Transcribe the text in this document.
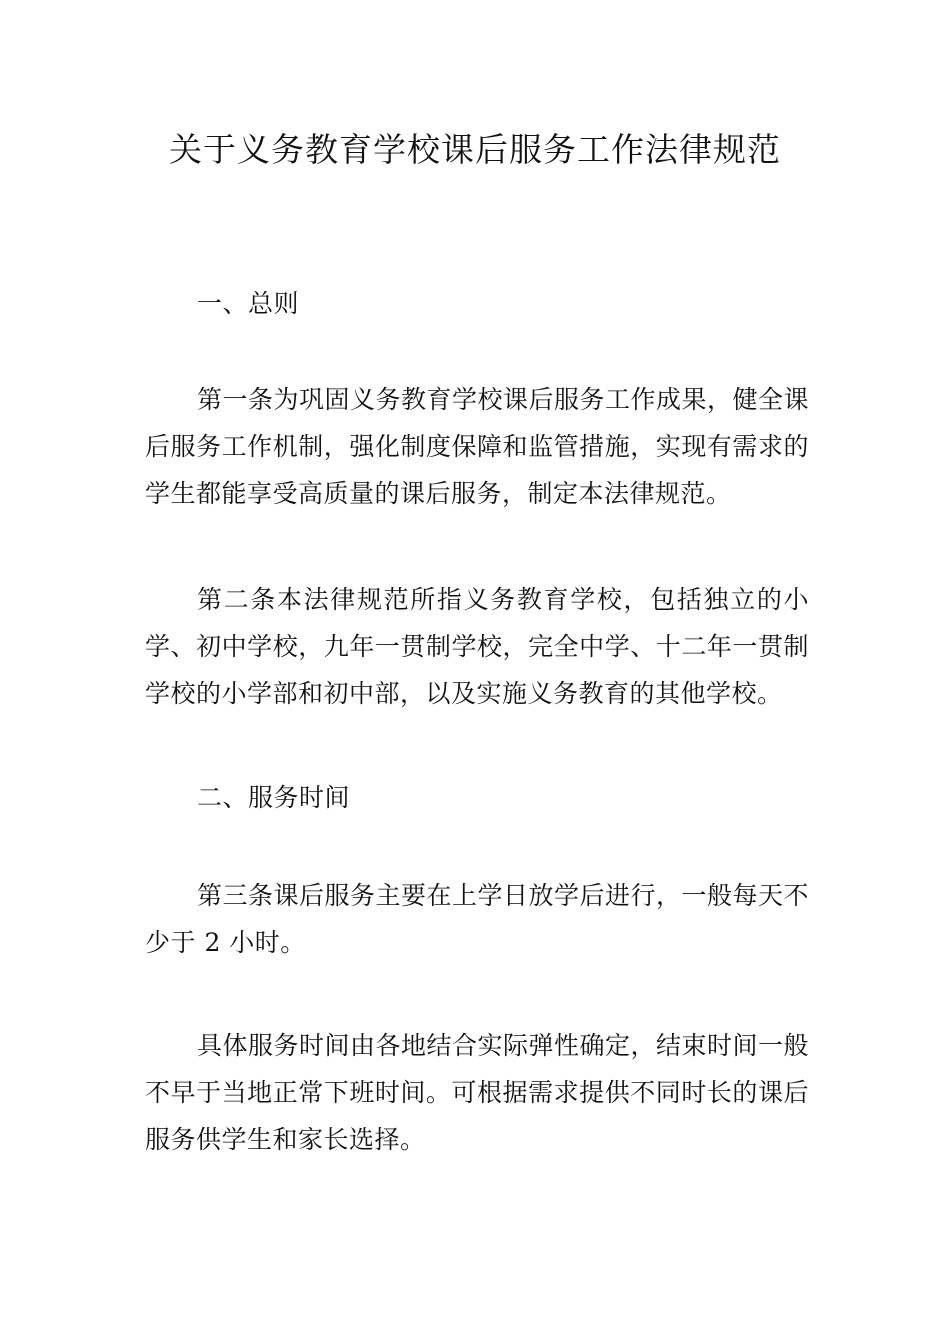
关于义务教育学校课后服务工作法律规范

一、总则

第一条为巩固义务教育学校课后服务工作成果，健全课后服务工作机制，强化制度保障和监管措施，实现有需求的学生都能享受高质量的课后服务，制定本法律规范。

第二条本法律规范所指义务教育学校，包括独立的小学、初中学校，九年一贯制学校，完全中学、十二年一贯制学校的小学部和初中部，以及实施义务教育的其他学校。

二、服务时间

第三条课后服务主要在上学日放学后进行，一般每天不少于 2 小时。

具体服务时间由各地结合实际弹性确定，结束时间一般不早于当地正常下班时间。可根据需求提供不同时长的课后服务供学生和家长选择。
